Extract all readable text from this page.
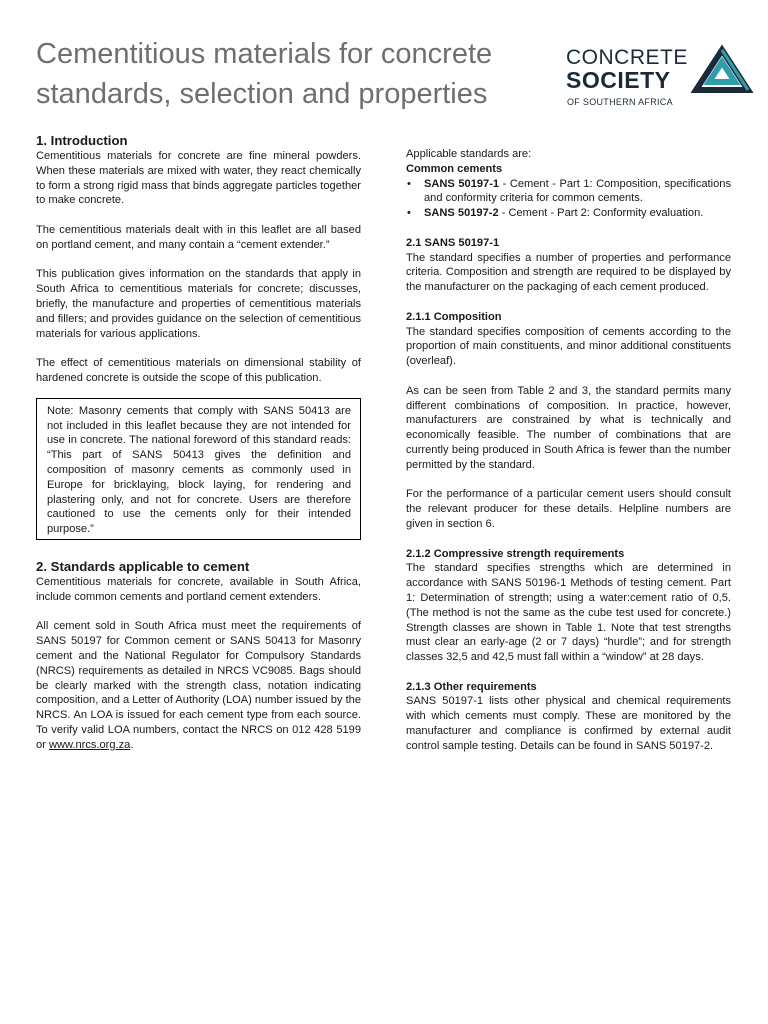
Cementitious materials for concrete
standards, selection and properties
CONCRETE
SOCIETY
OF SOUTHERN AFRICA
1. Introduction

Cementitious materials for concrete are fine mineral powders. When these materials are mixed with water, they react chemically to form a strong rigid mass that binds aggregate particles together to make concrete.

The cementitious materials dealt with in this leaflet are all based on portland cement, and many contain a “cement extender.”

This publication gives information on the standards that apply in South Africa to cementitious materials for concrete; discusses, briefly, the manufacture and properties of cementitious materials and fillers; and provides guidance on the selection of cementitious materials for various applications.

The effect of cementitious materials on dimensional stability of hardened concrete is outside the scope of this publication.

Note: Masonry cements that comply with SANS 50413 are not included in this leaflet because they are not intended for use in concrete. The national foreword of this standard reads: “This part of SANS 50413 gives the definition and composition of masonry cements as commonly used in Europe for bricklaying, block laying, for rendering and plastering only, and not for concrete. Users are therefore cautioned to use the cements only for their intended purpose.”

2. Standards applicable to cement

Cementitious materials for concrete, available in South Africa, include common cements and portland cement extenders.

All cement sold in South Africa must meet the requirements of SANS 50197 for Common cement or SANS 50413 for Masonry cement and the National Regulator for Compulsory Standards (NRCS) requirements as detailed in NRCS VC9085. Bags should be clearly marked with the strength class, notation indicating composition, and a Letter of Authority (LOA) number issued by the NRCS. An LOA is issued for each cement type from each source. To verify valid LOA numbers, contact the NRCS on 012 428 5199 or www.nrcs.org.za.

Applicable standards are:

Common cements
• SANS 50197-1 - Cement - Part 1: Composition, specifications and conformity criteria for common cements.
• SANS 50197-2 - Cement - Part 2: Conformity evaluation.
2.1 SANS 50197-1

The standard specifies a number of properties and performance criteria. Composition and strength are required to be displayed by the manufacturer on the packaging of each cement produced.

2.1.1 Composition

The standard specifies composition of cements according to the proportion of main constituents, and minor additional constituents (overleaf).

As can be seen from Table 2 and 3, the standard permits many different combinations of composition. In practice, however, manufacturers are constrained by what is technically and economically feasible. The number of combinations that are currently being produced in South Africa is fewer than the number permitted by the standard.

For the performance of a particular cement users should consult the relevant producer for these details. Helpline numbers are given in section 6.

2.1.2 Compressive strength requirements

The standard specifies strengths which are determined in accordance with SANS 50196-1 Methods of testing cement. Part 1: Determination of strength; using a water:cement ratio of 0,5. (The method is not the same as the cube test used for concrete.) Strength classes are shown in Table 1. Note that test strengths must clear an early-age (2 or 7 days) “hurdle”; and for strength classes 32,5 and 42,5 must fall within a “window” at 28 days.

2.1.3 Other requirements

SANS 50197-1 lists other physical and chemical requirements with which cements must comply. These are monitored by the manufacturer and compliance is confirmed by external audit control sample testing. Details can be found in SANS 50197-2.
